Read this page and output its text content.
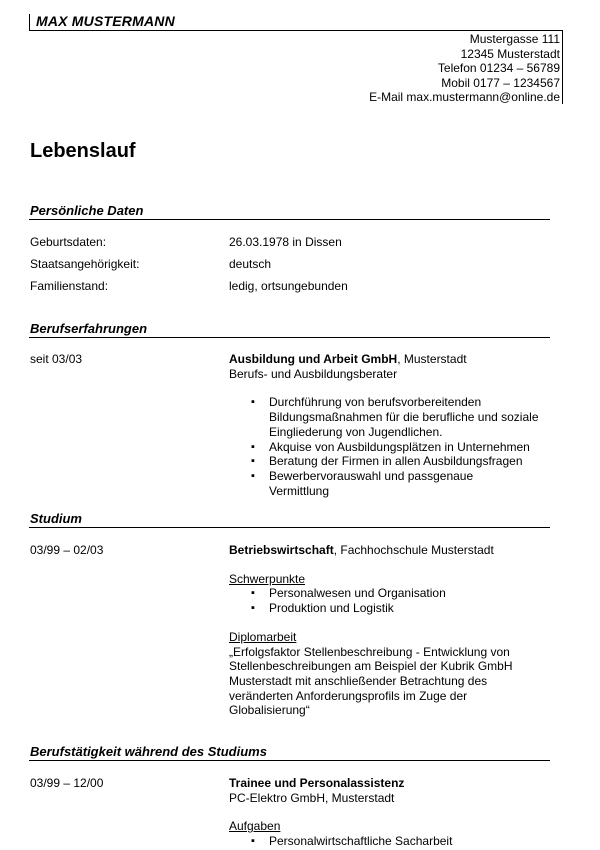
MAX MUSTERMANN
Mustergasse 111
12345 Musterstadt
Telefon 01234 – 56789
Mobil 0177 – 1234567
E-Mail max.mustermann@online.de
Lebenslauf
Persönliche Daten
Geburtsdaten:	26.03.1978 in Dissen
Staatsangehörigkeit:	deutsch
Familienstand:	ledig, ortsungebunden
Berufserfahrungen
seit 03/03	Ausbildung und Arbeit GmbH, Musterstadt
Berufs- und Ausbildungsberater
▪ Durchführung von berufsvorbereitenden Bildungsmaßnahmen für die berufliche und soziale Eingliederung von Jugendlichen.
▪ Akquise von Ausbildungsplätzen in Unternehmen
▪ Beratung der Firmen in allen Ausbildungsfragen
▪ Bewerbervorauswahl und passgenaue Vermittlung
Studium
03/99 – 02/03	Betriebswirtschaft, Fachhochschule Musterstadt
Schwerpunkte
▪ Personalwesen und Organisation
▪ Produktion und Logistik
Diplomarbeit
„Erfolgsfaktor Stellenbeschreibung - Entwicklung von Stellenbeschreibungen am Beispiel der Kubrik GmbH Musterstadt mit anschließender Betrachtung des veränderten Anforderungsprofils im Zuge der Globalisierung“
Berufstätigkeit während des Studiums
03/99 – 12/00	Trainee und Personalassistenz
PC-Elektro GmbH, Musterstadt
Aufgaben
▪ Personalwirtschaftliche Sacharbeit
